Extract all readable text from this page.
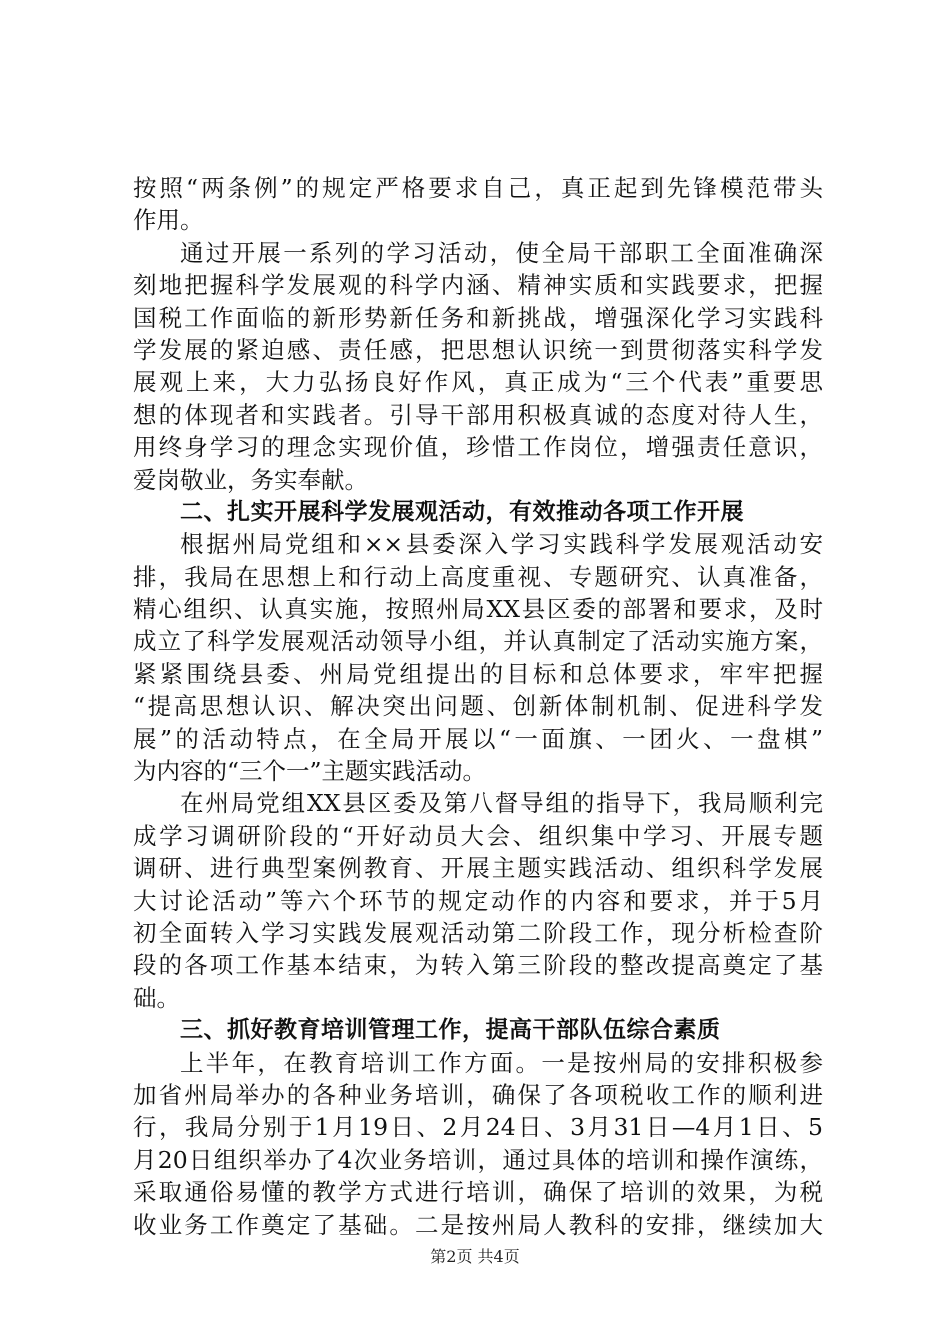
按照“两条例”的规定严格要求自己，真正起到先锋模范带头
作用。
通过开展一系列的学习活动，使全局干部职工全面准确深
刻地把握科学发展观的科学内涵、精神实质和实践要求，把握
国税工作面临的新形势新任务和新挑战，增强深化学习实践科
学发展的紧迫感、责任感，把思想认识统一到贯彻落实科学发
展观上来，大力弘扬良好作风，真正成为“三个代表”重要思
想的体现者和实践者。引导干部用积极真诚的态度对待人生，
用终身学习的理念实现价值，珍惜工作岗位，增强责任意识，
爱岗敬业，务实奉献。
二、扎实开展科学发展观活动，有效推动各项工作开展
根据州局党组和××县委深入学习实践科学发展观活动安
排，我局在思想上和行动上高度重视、专题研究、认真准备，
精心组织、认真实施，按照州局XX县区委的部署和要求，及时
成立了科学发展观活动领导小组，并认真制定了活动实施方案，
紧紧围绕县委、州局党组提出的目标和总体要求，牢牢把握
“提高思想认识、解决突出问题、创新体制机制、促进科学发
展”的活动特点，在全局开展以“一面旗、一团火、一盘棋”
为内容的“三个一”主题实践活动。
在州局党组XX县区委及第八督导组的指导下，我局顺利完
成学习调研阶段的“开好动员大会、组织集中学习、开展专题
调研、进行典型案例教育、开展主题实践活动、组织科学发展
大讨论活动”等六个环节的规定动作的内容和要求，并于5月
初全面转入学习实践发展观活动第二阶段工作，现分析检查阶
段的各项工作基本结束，为转入第三阶段的整改提高奠定了基
础。
三、抓好教育培训管理工作，提高干部队伍综合素质
上半年，在教育培训工作方面。一是按州局的安排积极参
加省州局举办的各种业务培训，确保了各项税收工作的顺利进
行，我局分别于1月19日、2月24日、3月31日—4月1日、5
月20日组织举办了4次业务培训，通过具体的培训和操作演练，
采取通俗易懂的教学方式进行培训，确保了培训的效果，为税
收业务工作奠定了基础。二是按州局人教科的安排，继续加大
第2页 共4页
